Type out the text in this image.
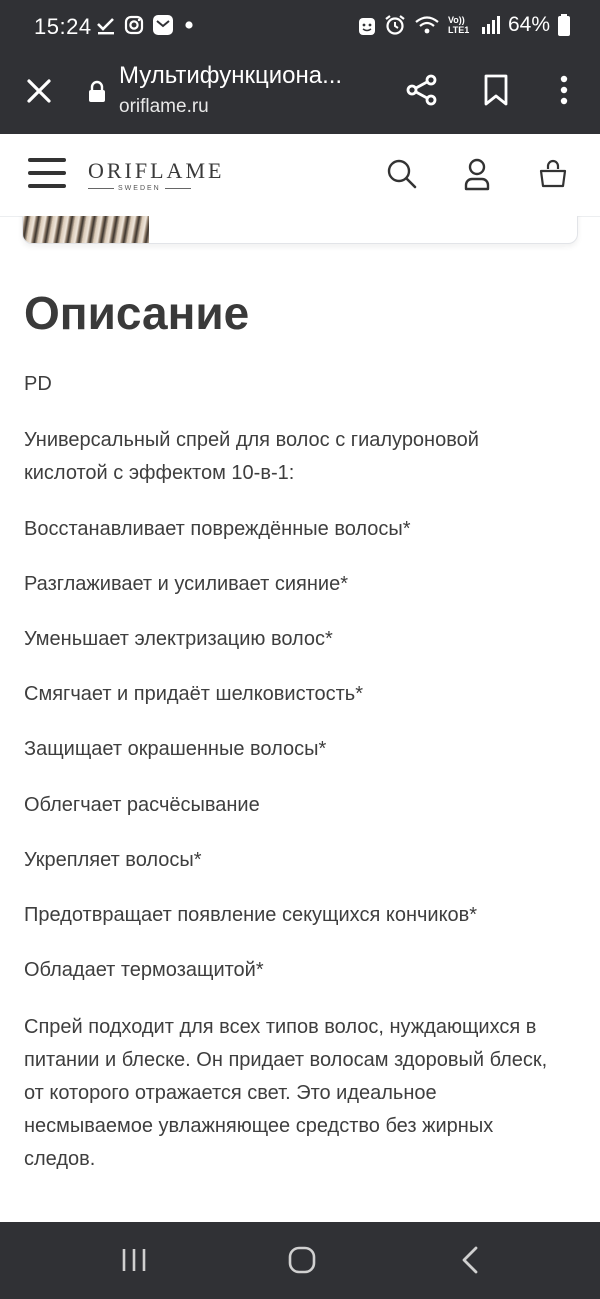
15:24	Vo)) LTE1 64%
Мультифункциона...
oriflame.ru
ORIFLAME
SWEDEN
Описание

PD

Универсальный спрей для волос с гиалуроновой кислотой с эффектом 10-в-1:

Восстанавливает повреждённые волосы*

Разглаживает и усиливает сияние*

Уменьшает электризацию волос*

Смягчает и придаёт шелковистость*

Защищает окрашенные волосы*

Облегчает расчёсывание

Укрепляет волосы*

Предотвращает появление секущихся кончиков*

Обладает термозащитой*

Спрей подходит для всех типов волос, нуждающихся в питании и блеске. Он придает волосам здоровый блеск, от которого отражается свет. Это идеальное несмываемое увлажняющее средство без жирных следов.
